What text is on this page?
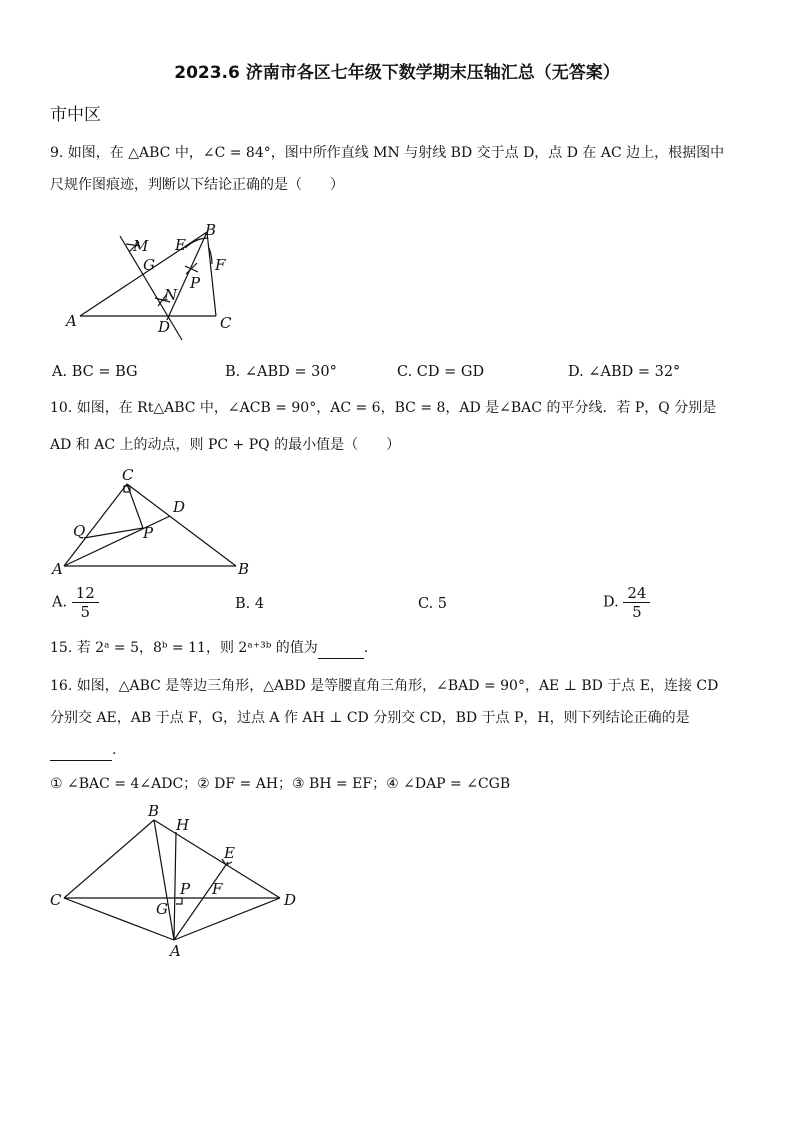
2023.6 济南市各区七年级下数学期末压轴汇总（无答案）
市中区
9. 如图，在 △ABC 中，∠C = 84°，图中所作直线 MN 与射线 BD 交于点 D，点 D 在 AC 边上，根据图中
尺规作图痕迹，判断以下结论正确的是（　　）
M E
B
G	F
P
N
A	D	C
A. BC = BG	B. ∠ABD = 30°	C. CD = GD	D. ∠ABD = 32°
10. 如图，在 Rt△ABC 中，∠ACB = 90°，AC = 6，BC = 8，AD 是∠BAC 的平分线．若 P，Q 分别是
AD 和 AC 上的动点，则 PC + PQ 的最小值是（　　）
C
D
Q	P
A	B
A. $\frac{12}{5}$	B. 4	C. 5	D. $\frac{24}{5}$
15. 若 2ᵃ = 5，8ᵇ = 11，则 2ᵃ⁺³ᵇ 的值为	.
16. 如图，△ABC 是等边三角形，△ABD 是等腰直角三角形，∠BAD = 90°，AE ⊥ BD 于点 E，连接 CD
分别交 AE，AB 于点 F，G，过点 A 作 AH ⊥ CD 分别交 CD，BD 于点 P，H，则下列结论正确的是
.
① ∠BAC = 4∠ADC；② DF = AH；③ BH = EF；④ ∠DAP = ∠CGB
B
H
E
F
C
P
D
G
A
